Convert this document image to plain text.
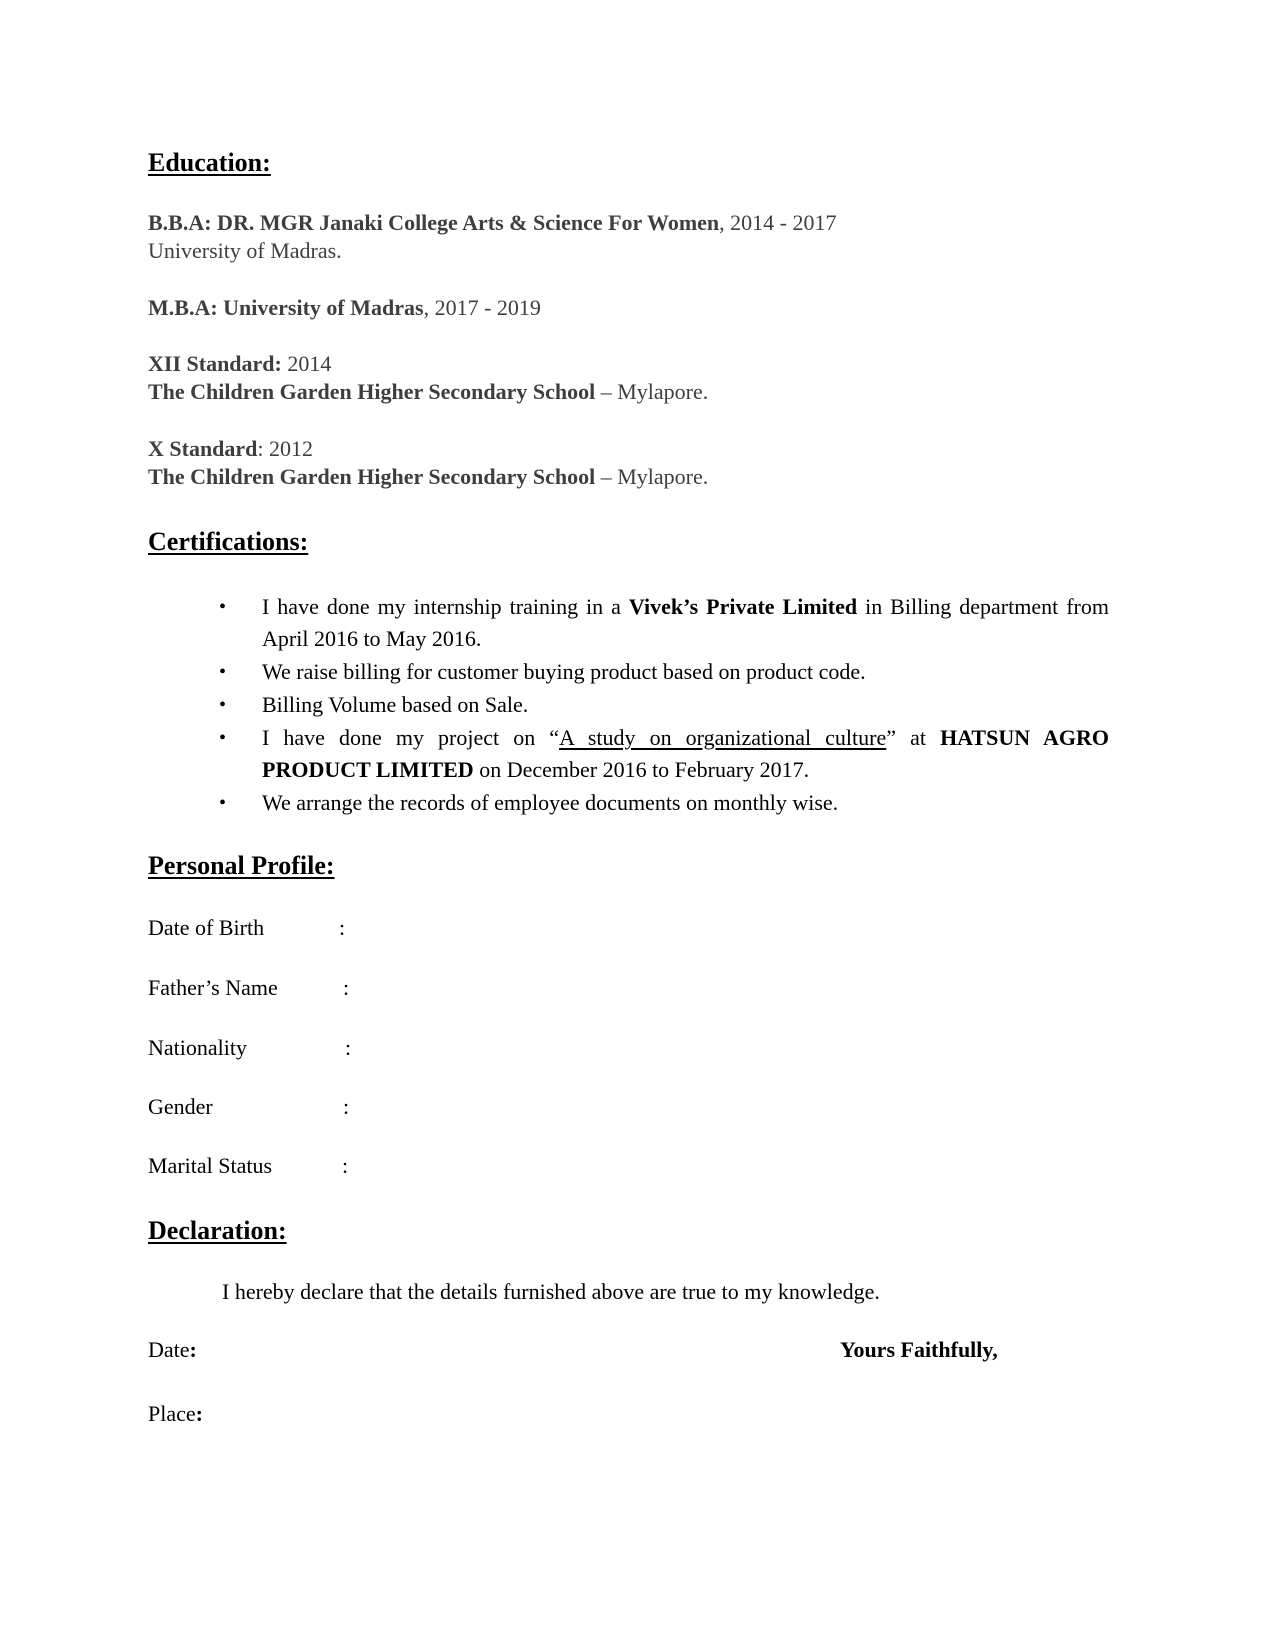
Education:
B.B.A: DR. MGR Janaki College Arts & Science For Women, 2014 - 2017
University of Madras.
M.B.A: University of Madras, 2017 - 2019
XII Standard: 2014
The Children Garden Higher Secondary School – Mylapore.
X Standard: 2012
The Children Garden Higher Secondary School – Mylapore.
Certifications:
• I have done my internship training in a Vivek’s Private Limited in Billing department from April 2016 to May 2016.
• We raise billing for customer buying product based on product code.
• Billing Volume based on Sale.
• I have done my project on “A study on organizational culture” at HATSUN AGRO PRODUCT LIMITED on December 2016 to February 2017.
• We arrange the records of employee documents on monthly wise.
Personal Profile:
Date of Birth	:
Father’s Name	:
Nationality	:
Gender	:
Marital Status	:
Declaration:
I hereby declare that the details furnished above are true to my knowledge.
Date:	Yours Faithfully,
Place:
